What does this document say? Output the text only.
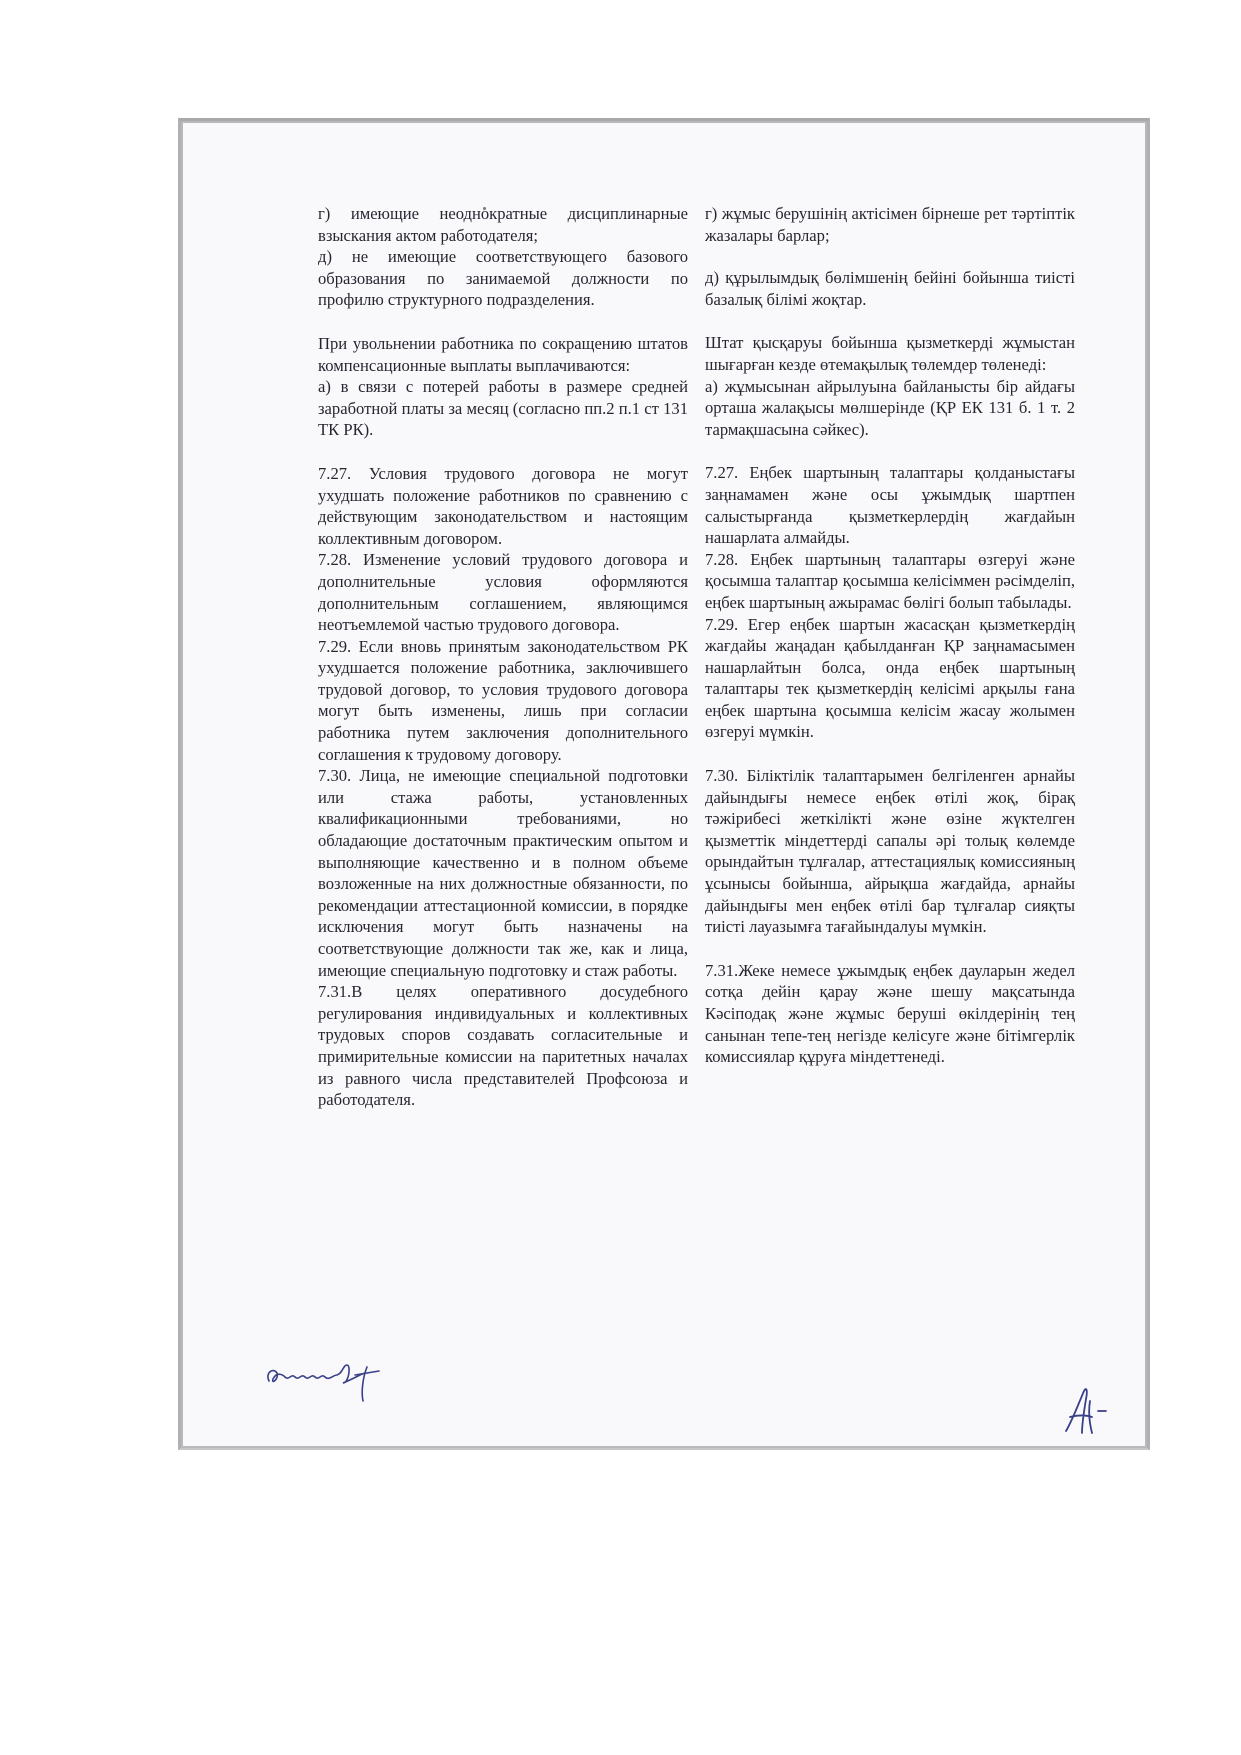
г) имеющие неоднократные дисциплинарные взыскания актом работодателя;

д) не имеющие соответствующего базового образования по занимаемой должности по профилю структурного подразделения.

При увольнении работника по сокращению штатов компенсационные выплаты выплачиваются:

а) в связи с потерей работы в размере средней заработной платы за месяц (согласно пп.2 п.1 ст 131 ТК РК).

7.27. Условия трудового договора не могут ухудшать положение работников по сравнению с действующим законодательством и настоящим коллективным договором.

7.28. Изменение условий трудового договора и дополнительные условия оформляются дополнительным соглашением, являющимся неотъемлемой частью трудового договора.

7.29. Если вновь принятым законодательством РК ухудшается положение работника, заключившего трудовой договор, то условия трудового договора могут быть изменены, лишь при согласии работника путем заключения дополнительного соглашения к трудовому договору.

7.30. Лица, не имеющие специальной подготовки или стажа работы, установленных квалификационными требованиями, но обладающие достаточным практическим опытом и выполняющие качественно и в полном объеме возложенные на них должностные обязанности, по рекомендации аттестационной комиссии, в порядке исключения могут быть назначены на соответствующие должности так же, как и лица, имеющие специальную подготовку и стаж работы.

7.31.В целях оперативного досудебного регулирования индивидуальных и коллективных трудовых споров создавать согласительные и примирительные комиссии на паритетных началах из равного числа представителей Профсоюза и работодателя.

г) жұмыс берушінің актісімен бірнеше рет тәртіптік жазалары барлар;

д) құрылымдық бөлімшенің бейіні бойынша тиісті базалық білімі жоқтар.

Штат қысқаруы бойынша қызметкерді жұмыстан шығарған кезде өтемақылық төлемдер төленеді:

а) жұмысынан айрылуына байланысты бір айдағы орташа жалақысы мөлшерінде (ҚР ЕК 131 б. 1 т. 2 тармақшасына сәйкес).

7.27. Еңбек шартының талаптары қолданыстағы заңнамамен және осы ұжымдық шартпен салыстырғанда қызметкерлердің жағдайын нашарлата алмайды.

7.28. Еңбек шартының талаптары өзгеруі және қосымша талаптар қосымша келісіммен рәсімделіп, еңбек шартының ажырамас бөлігі болып табылады.

7.29. Егер еңбек шартын жасасқан қызметкердің жағдайы жаңадан қабылданған ҚР заңнамасымен нашарлайтын болса, онда еңбек шартының талаптары тек қызметкердің келісімі арқылы ғана еңбек шартына қосымша келісім жасау жолымен өзгеруі мүмкін.

7.30. Біліктілік талаптарымен белгіленген арнайы дайындығы немесе еңбек өтілі жоқ, бірақ тәжірибесі жеткілікті және өзіне жүктелген қызметтік міндеттерді сапалы әрі толық көлемде орындайтын тұлғалар, аттестациялық комиссияның ұсынысы бойынша, айрықша жағдайда, арнайы дайындығы мен еңбек өтілі бар тұлғалар сияқты тиісті лауазымға тағайындалуы мүмкін.

7.31.Жеке немесе ұжымдық еңбек дауларын жедел сотқа дейін қарау және шешу мақсатында Кәсіподақ және жұмыс беруші өкілдерінің тең санынан тепе-тең негізде келісуге және бітімгерлік комиссиялар құруға міндеттенеді.
